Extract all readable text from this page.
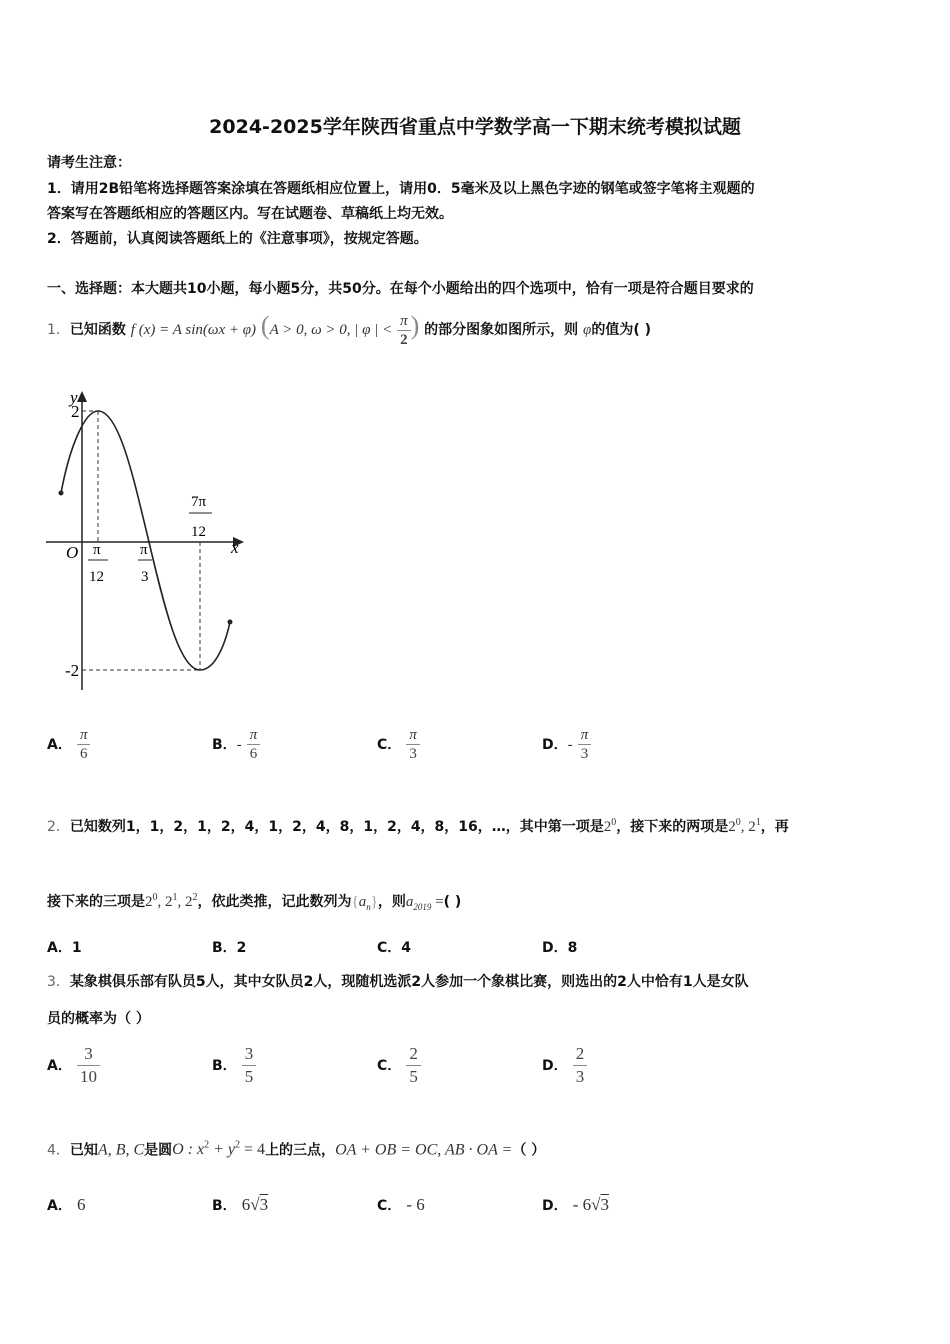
2024-2025学年陕西省重点中学数学高一下期末统考模拟试题
请考生注意：
1．请用2B铅笔将选择题答案涂填在答题纸相应位置上，请用0．5毫米及以上黑色字迹的钢笔或签字笔将主观题的
答案写在答题纸相应的答题区内。写在试题卷、草稿纸上均无效。
2．答题前，认真阅读答题纸上的《注意事项》，按规定答题。
一、选择题：本大题共10小题，每小题5分，共50分。在每个小题给出的四个选项中，恰有一项是符合题目要求的
1．已知函数 f (x) = A sin(ωx + φ) (A > 0, ω > 0, | φ | < $\frac{\pi}{2}$ ) 的部分图象如图所示，则 φ的值为( )
y
x
O
2
-2
π
12
π
3
7π
12
A． $\frac{\pi}{6}$	B．- $\frac{\pi}{6}$	C． $\frac{\pi}{3}$	D．- $\frac{\pi}{3}$
2．已知数列1，1，2，1，2，4，1，2，4，8，1，2，4，8，16，…，其中第一项是$2^0$，接下来的两项是$2^0$, $2^1$，再
接下来的三项是$2^0$, $2^1$, $2^2$，依此类推，记此数列为$\{a_n\}$，则$a_{2019}$ =( )
A．1	B．2	C．4	D．8
3．某象棋俱乐部有队员5人，其中女队员2人，现随机选派2人参加一个象棋比赛，则选出的2人中恰有1人是女队
员的概率为（ ）
A． $\frac{3}{10}$	B． $\frac{3}{5}$	C． $\frac{2}{5}$	D． $\frac{2}{3}$
4．已知A, B, C是圆O : $x^2 + y^2 = 4$上的三点，OA + OB = OC, AB · OA =（ ）
A． 6	B． 6√3	C． - 6	D． - 6√3
